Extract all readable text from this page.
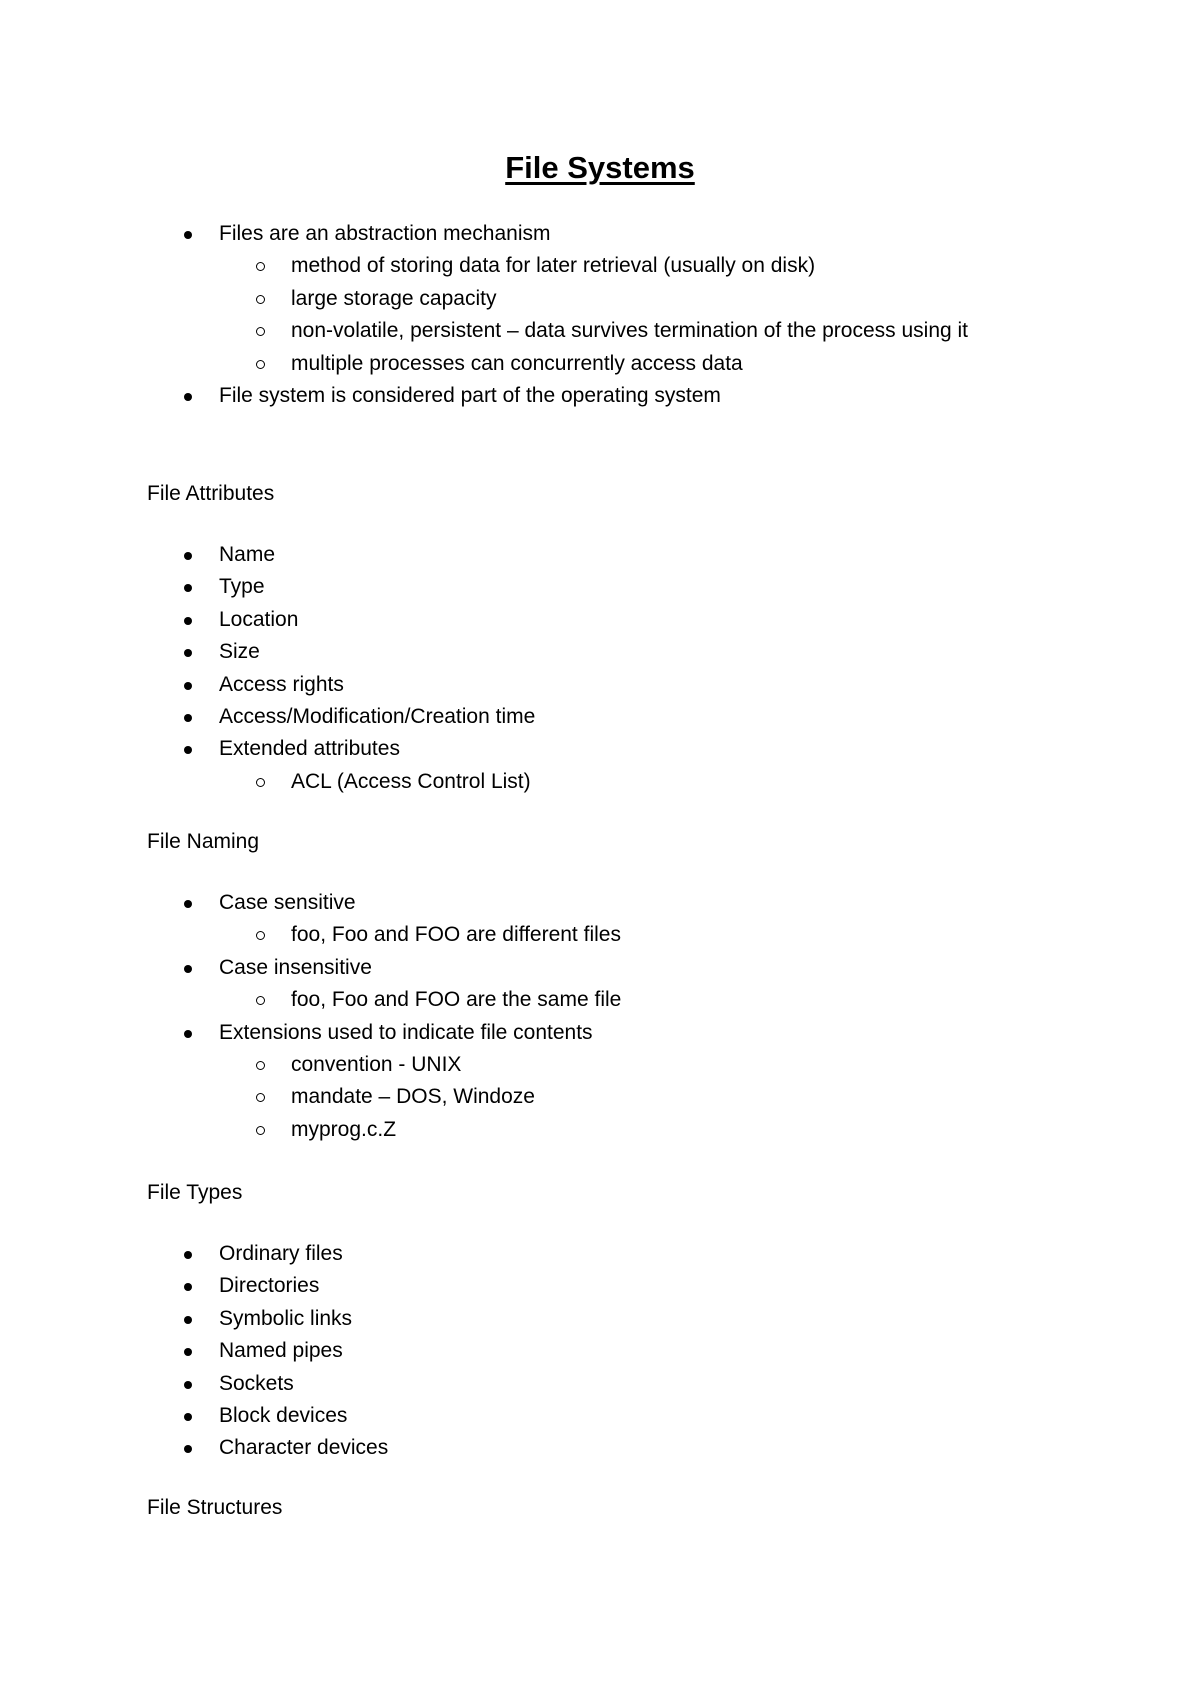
File Systems
Files are an abstraction mechanism
method of storing data for later retrieval (usually on disk)
large storage capacity
non-volatile, persistent – data survives termination of the process using it
multiple processes can concurrently access data
File system is considered part of the operating system

File Attributes

Name
Type
Location
Size
Access rights
Access/Modification/Creation time
Extended attributes
ACL (Access Control List)

File Naming

Case sensitive
foo, Foo and FOO are different files
Case insensitive
foo, Foo and FOO are the same file
Extensions used to indicate file contents
convention - UNIX
mandate – DOS, Windoze
myprog.c.Z

File Types

Ordinary files
Directories
Symbolic links
Named pipes
Sockets
Block devices
Character devices

File Structures
